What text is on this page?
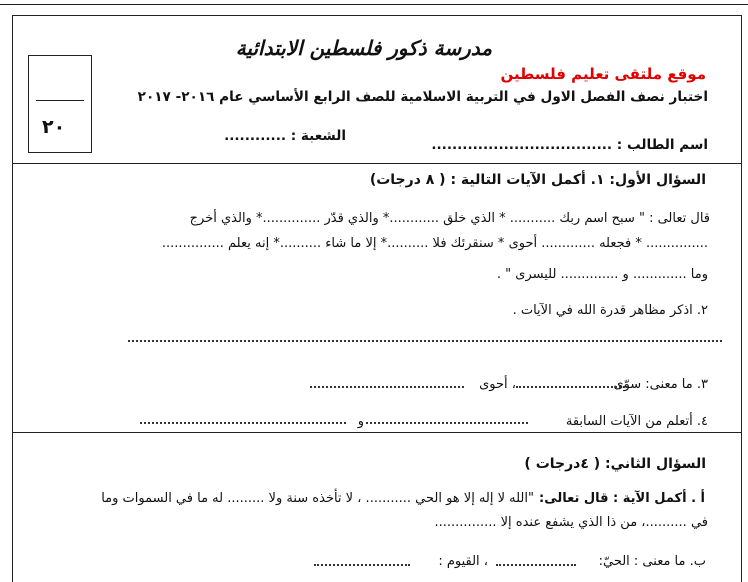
٢٠
مدرسة ذكور فلسطين الابتدائية
موقع ملتقى تعليم فلسطين
اختبار نصف الفصل الاول في التربية الاسلامية للصف الرابع الأساسي عام ٢٠١٦- ٢٠١٧
اسم الطالب : ...................................
الشعبة : ............
السؤال الأول: ١. أكمل الآيات التالية : ( ٨ درجات)
قال تعالى : " سبح اسم ربك ........... * الذي خلق ............* والذي قدّر ..............* والذي أخرج
............... * فجعله ............. أحوى * سنقرئك فلا ..........* إلا ما شاء ..........* إنه يعلم ...............
وما ............. و .............. لليسرى " .
٢. اذكر مظاهر قدرة الله في الآيات .
٣. ما معنى: سوّى
، أحوى
٤. أتعلم من الآيات السابقة
و
السؤال الثاني: ( ٤درجات )
أ . أكمل الآية : قال تعالى:
"الله لا إله إلا هو الحي ........... ، لا تأخذه سنة ولا ......... له ما في السموات وما
في ..........، من ذا الذي يشفع عنده إلا ...............
ب. ما معنى : الحيّ:
، القيوم :
